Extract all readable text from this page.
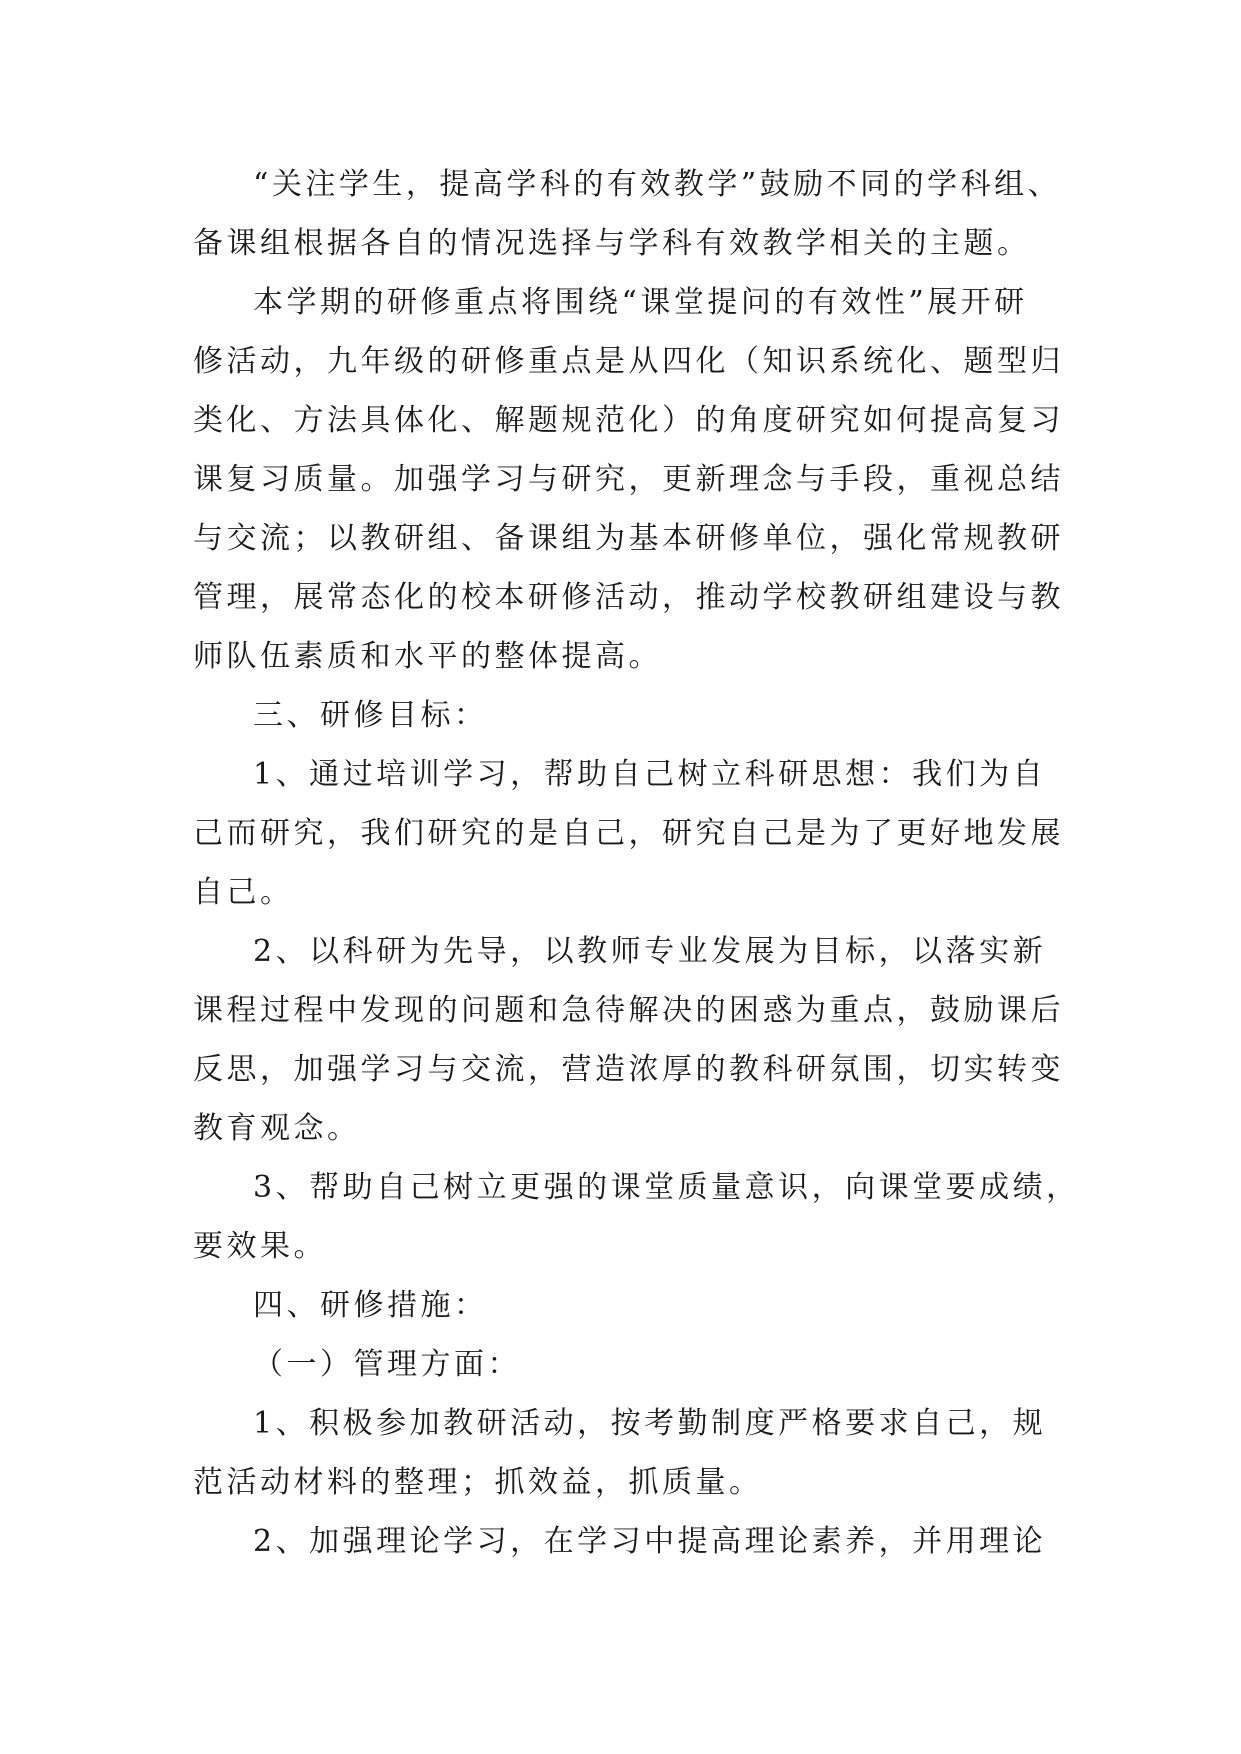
“关注学生，提高学科的有效教学”鼓励不同的学科组、
备课组根据各自的情况选择与学科有效教学相关的主题。
本学期的研修重点将围绕“课堂提问的有效性”展开研
修活动，九年级的研修重点是从四化（知识系统化、题型归
类化、方法具体化、解题规范化）的角度研究如何提高复习
课复习质量。加强学习与研究，更新理念与手段，重视总结
与交流；以教研组、备课组为基本研修单位，强化常规教研
管理，展常态化的校本研修活动，推动学校教研组建设与教
师队伍素质和水平的整体提高。
三、研修目标：
1、通过培训学习，帮助自己树立科研思想：我们为自
己而研究，我们研究的是自己，研究自己是为了更好地发展
自己。
2、以科研为先导，以教师专业发展为目标，以落实新
课程过程中发现的问题和急待解决的困惑为重点，鼓励课后
反思，加强学习与交流，营造浓厚的教科研氛围，切实转变
教育观念。
3、帮助自己树立更强的课堂质量意识，向课堂要成绩，
要效果。
四、研修措施：
（一）管理方面：
1、积极参加教研活动，按考勤制度严格要求自己，规
范活动材料的整理；抓效益，抓质量。
2、加强理论学习，在学习中提高理论素养，并用理论
